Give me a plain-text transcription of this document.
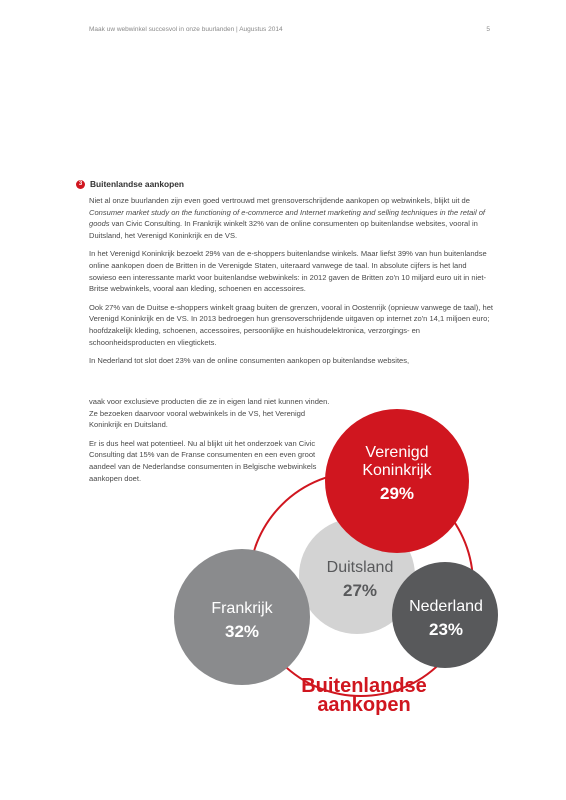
Maak uw webwinkel succesvol in onze buurlanden | Augustus 2014	5
3 Buitenlandse aankopen

Niet al onze buurlanden zijn even goed vertrouwd met grensoverschrijdende aankopen op webwinkels, blijkt uit de Consumer market study on the functioning of e-commerce and Internet marketing and selling techniques in the retail of goods van Civic Consulting. In Frankrijk winkelt 32% van de online consumenten op buitenlandse websites, vooral in Duitsland, het Verenigd Koninkrijk en de VS.

In het Verenigd Koninkrijk bezoekt 29% van de e-shoppers buitenlandse winkels. Maar liefst 39% van hun buitenlandse online aankopen doen de Britten in de Verenigde Staten, uiteraard vanwege de taal. In absolute cijfers is het land sowieso een interessante markt voor buitenlandse webwinkels: in 2012 gaven de Britten zo'n 10 miljard euro uit in niet-Britse webwinkels, vooral aan kleding, schoenen en accessoires.

Ook 27% van de Duitse e-shoppers winkelt graag buiten de grenzen, vooral in Oostenrijk (opnieuw vanwege de taal), het Verenigd Koninkrijk en de VS. In 2013 bedroegen hun grensoverschrijdende uitgaven op internet zo'n 14,1 miljoen euro; hoofdzakelijk kleding, schoenen, accessoires, persoonlijke en huishoudelektronica, verzorgings- en schoonheidsproducten en vliegtickets.

In Nederland tot slot doet 23% van de online consumenten aankopen op buitenlandse websites,

vaak voor exclusieve producten die ze in eigen land niet kunnen vinden. Ze bezoeken daarvoor vooral webwinkels in de VS, het Verenigd Koninkrijk en Duitsland.

Er is dus heel wat potentieel. Nu al blijkt uit het onderzoek van Civic Consulting dat 15% van de Franse consumenten en een even groot aandeel van de Nederlandse consumenten in Belgische webwinkels aankopen doet.

Verenigd
Koninkrijk
29%
Duitsland
27%
Frankrijk
32%
Nederland
23%
Buitenlandse
aankopen
